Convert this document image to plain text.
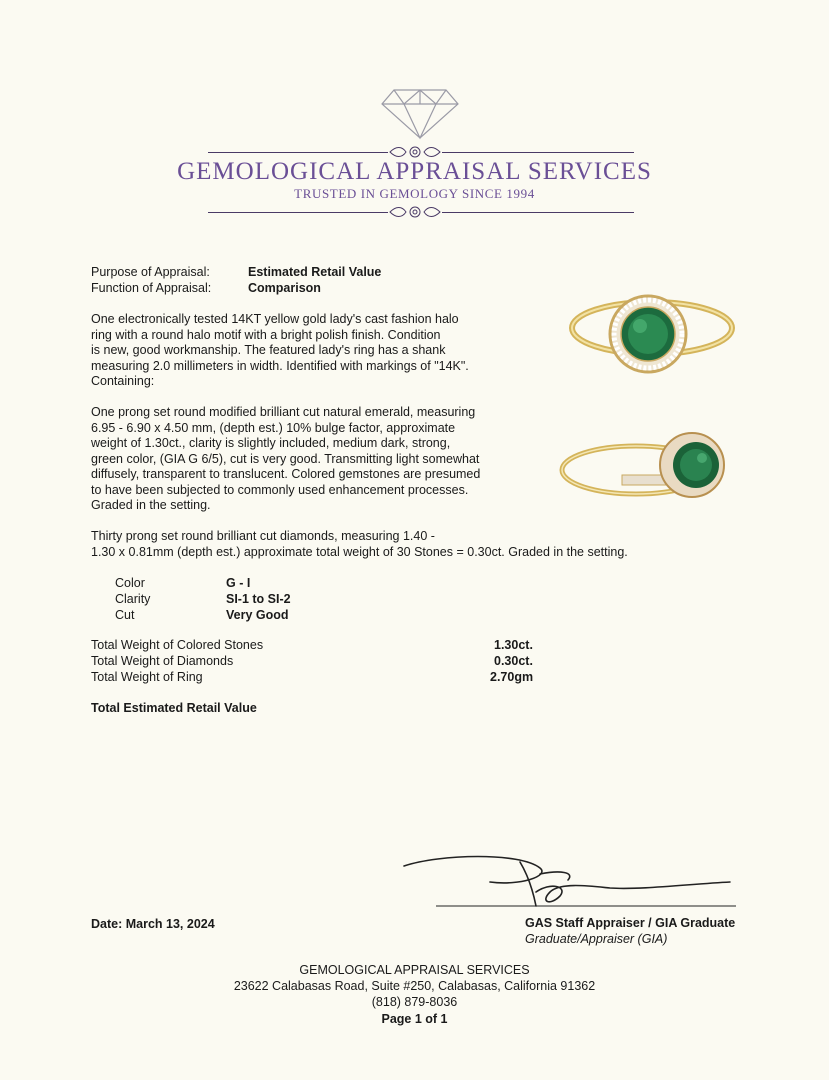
GEMOLOGICAL APPRAISAL SERVICES
TRUSTED IN GEMOLOGY SINCE 1994
Purpose of Appraisal:	Estimated Retail Value
Function of Appraisal:	Comparison
One electronically tested 14KT yellow gold lady's cast fashion halo
ring with a round halo motif with a bright polish finish. Condition
is new, good workmanship. The featured lady's ring has a shank
measuring 2.0 millimeters in width. Identified with markings of "14K".
Containing:
One prong set round modified brilliant cut natural emerald, measuring
6.95 - 6.90 x 4.50 mm, (depth est.) 10% bulge factor, approximate
weight of 1.30ct., clarity is slightly included, medium dark, strong,
green color, (GIA G 6/5), cut is very good. Transmitting light somewhat
diffusely, transparent to translucent. Colored gemstones are presumed
to have been subjected to commonly used enhancement processes.
Graded in the setting.
Thirty prong set round brilliant cut diamonds, measuring 1.40 -
1.30 x 0.81mm (depth est.) approximate total weight of 30 Stones = 0.30ct. Graded in the setting.
Color	G - I
Clarity	SI-1 to SI-2
Cut	Very Good
Total Weight of Colored Stones	1.30ct.
Total Weight of Diamonds	0.30ct.
Total Weight of Ring	2.70gm
Total Estimated Retail Value
Date: March 13, 2024	GAS Staff Appraiser / GIA Graduate
Graduate/Appraiser (GIA)
GEMOLOGICAL APPRAISAL SERVICES
23622 Calabasas Road, Suite #250, Calabasas, California 91362
(818) 879-8036
Page 1 of 1
